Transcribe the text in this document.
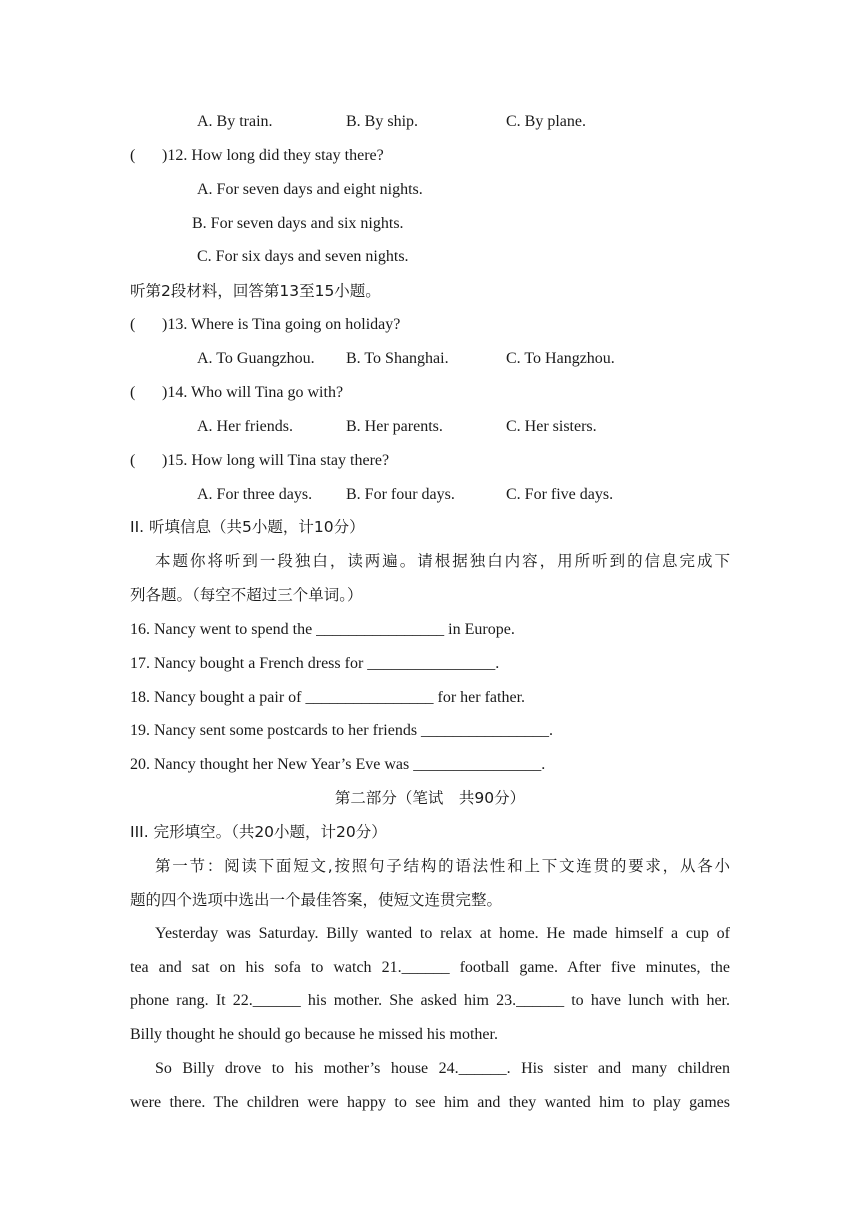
A. By train.	B. By ship.	C. By plane.
( )12. How long did they stay there?
A. For seven days and eight nights.
B. For seven days and six nights.
C. For six days and seven nights.
听第2段材料，回答第13至15小题。
( )13. Where is Tina going on holiday?
A. To Guangzhou. B. To Shanghai.	C. To Hangzhou.
( )14. Who will Tina go with?
A. Her friends.	B. Her parents.	C. Her sisters.
( )15. How long will Tina stay there?
A. For three days. B. For four days.	C. For five days.
II. 听填信息（共5小题，计10分）
本题你将听到一段独白，读两遍。请根据独白内容，用所听到的信息完成下
列各题。（每空不超过三个单词。）
16. Nancy went to spend the ________________ in Europe.
17. Nancy bought a French dress for ________________.
18. Nancy bought a pair of ________________ for her father.
19. Nancy sent some postcards to her friends ________________.
20. Nancy thought her New Year’s Eve was ________________.
第二部分（笔试　共90分）
III. 完形填空。（共20小题，计20分）
第一节：阅读下面短文,按照句子结构的语法性和上下文连贯的要求，从各小
题的四个选项中选出一个最佳答案，使短文连贯完整。
Yesterday was Saturday. Billy wanted to relax at home. He made himself a cup of
tea and sat on his sofa to watch 21.______ football game. After five minutes, the
phone rang. It 22.______ his mother. She asked him 23.______ to have lunch with her.
Billy thought he should go because he missed his mother.
So Billy drove to his mother’s house 24.______. His sister and many children
were there. The children were happy to see him and they wanted him to play games
